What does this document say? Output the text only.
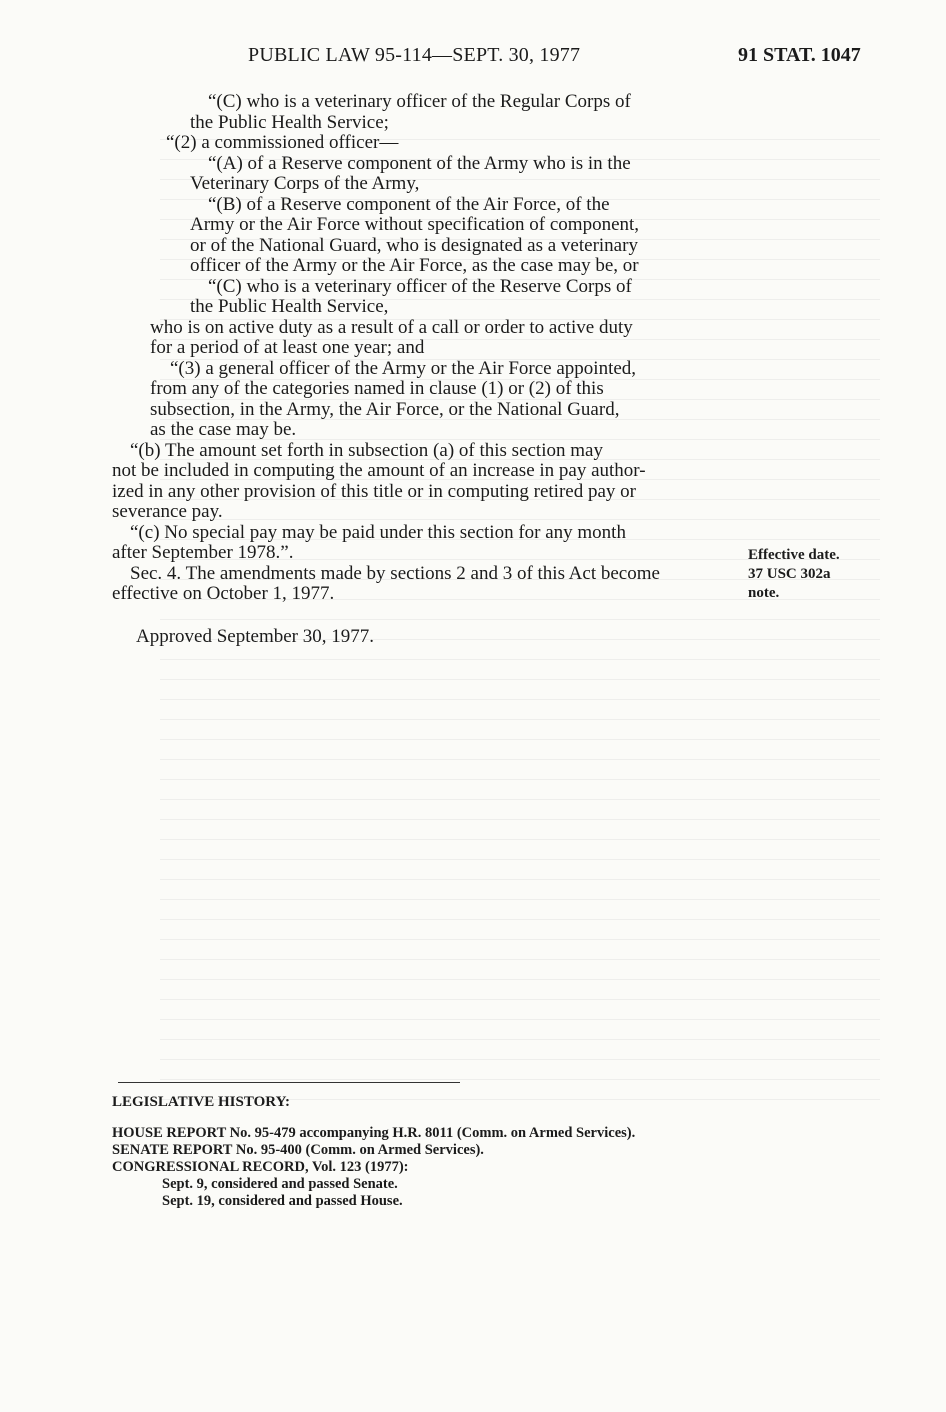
PUBLIC LAW 95-114—SEPT. 30, 1977	91 STAT. 1047

“(C) who is a veterinary officer of the Regular Corps of

the Public Health Service;

“(2) a commissioned officer—

“(A) of a Reserve component of the Army who is in the

Veterinary Corps of the Army,

“(B) of a Reserve component of the Air Force, of the

Army or the Air Force without specification of component,

or of the National Guard, who is designated as a veterinary

officer of the Army or the Air Force, as the case may be, or

“(C) who is a veterinary officer of the Reserve Corps of

the Public Health Service,

who is on active duty as a result of a call or order to active duty

for a period of at least one year; and

“(3) a general officer of the Army or the Air Force appointed,

from any of the categories named in clause (1) or (2) of this

subsection, in the Army, the Air Force, or the National Guard,

as the case may be.

“(b) The amount set forth in subsection (a) of this section may

not be included in computing the amount of an increase in pay author-

ized in any other provision of this title or in computing retired pay or

severance pay.

“(c) No special pay may be paid under this section for any month

after September 1978.”.

Sec. 4. The amendments made by sections 2 and 3 of this Act become

effective on October 1, 1977.

Approved September 30, 1977.

Effective date.
37 USC 302a
note.

LEGISLATIVE HISTORY:

HOUSE REPORT No. 95-479 accompanying H.R. 8011 (Comm. on Armed Services).

SENATE REPORT No. 95-400 (Comm. on Armed Services).

CONGRESSIONAL RECORD, Vol. 123 (1977):

Sept. 9, considered and passed Senate.

Sept. 19, considered and passed House.
